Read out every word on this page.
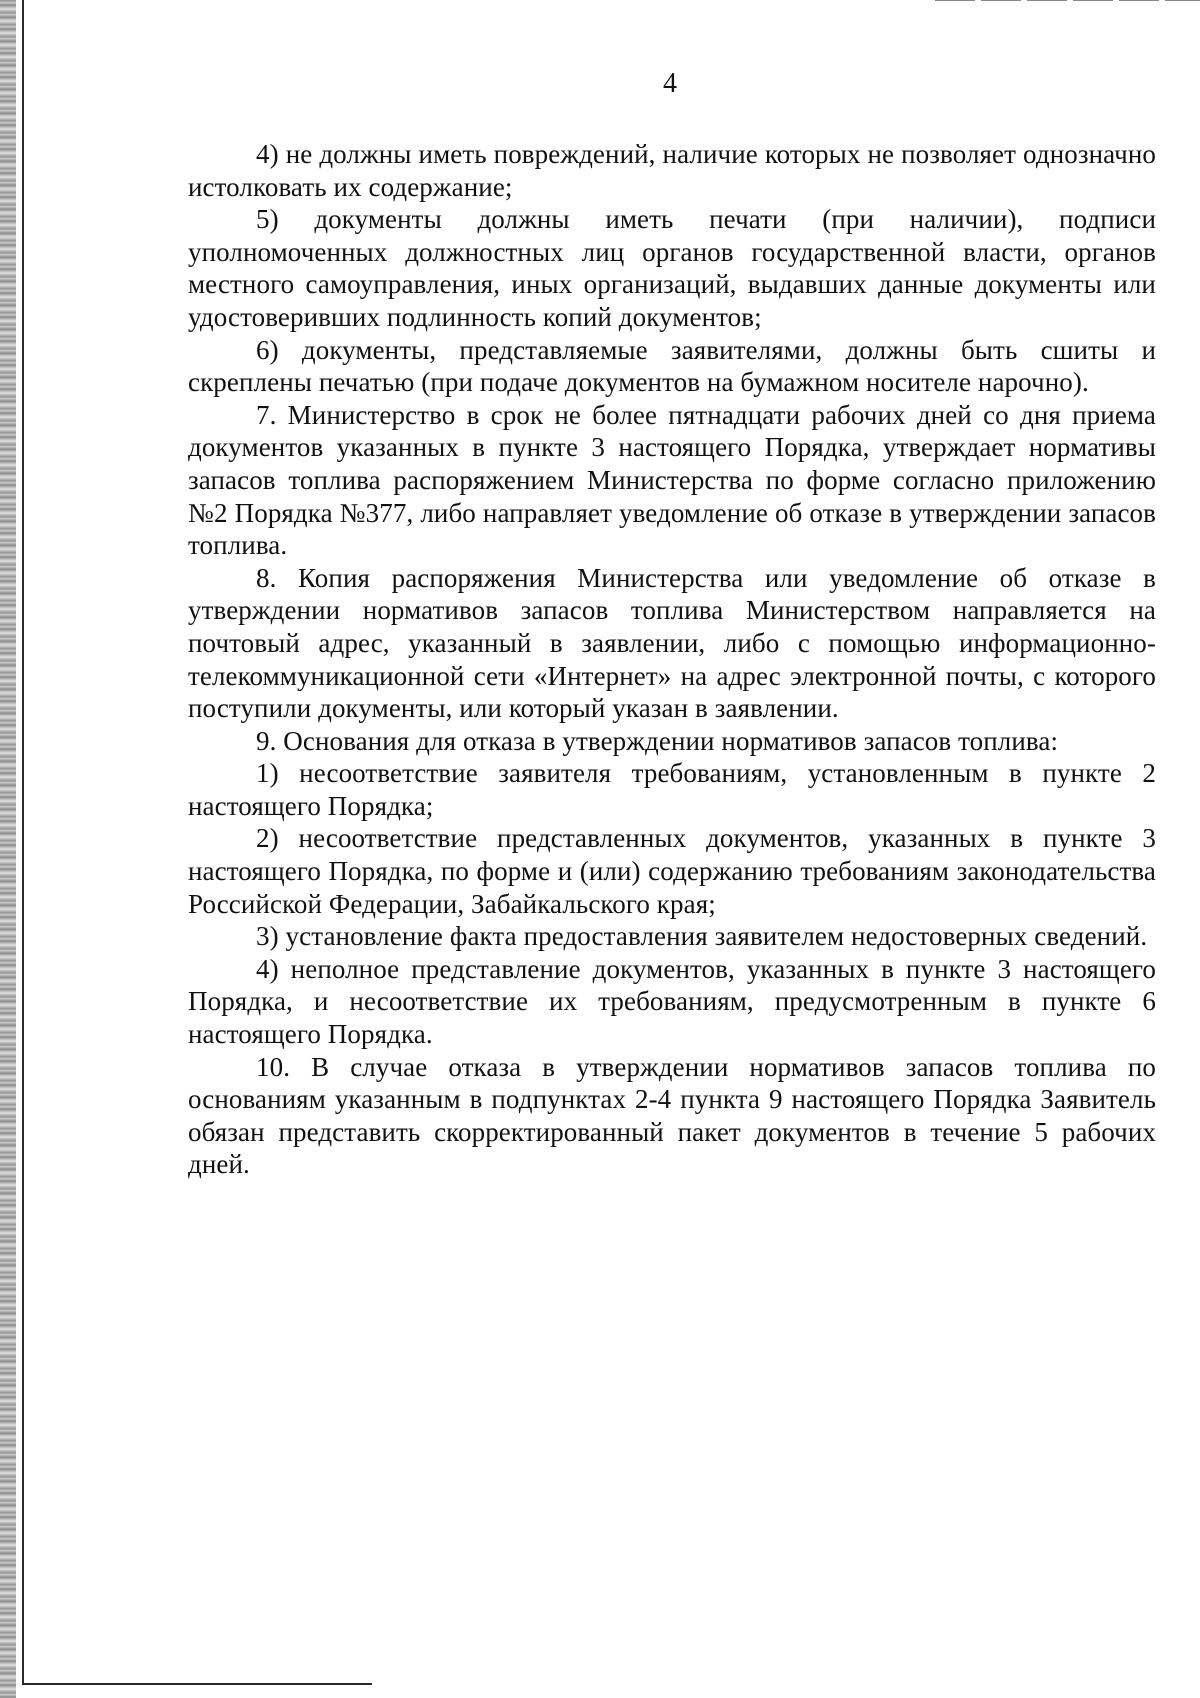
4

4) не должны иметь повреждений, наличие которых не позволяет однозначно истолковать их содержание;

5) документы должны иметь печати (при наличии), подписи уполномоченных должностных лиц органов государственной власти, органов местного самоуправления, иных организаций, выдавших данные документы или удостоверивших подлинность копий документов;

6) документы, представляемые заявителями, должны быть сшиты и скреплены печатью (при подаче документов на бумажном носителе нарочно).

7. Министерство в срок не более пятнадцати рабочих дней со дня приема документов указанных в пункте 3 настоящего Порядка, утверждает нормативы запасов топлива распоряжением Министерства по форме согласно приложению №2 Порядка №377, либо направляет уведомление об отказе в утверждении запасов топлива.

8. Копия распоряжения Министерства или уведомление об отказе в утверждении нормативов запасов топлива Министерством направляется на почтовый адрес, указанный в заявлении, либо с помощью информационно-телекоммуникационной сети «Интернет» на адрес электронной почты, с которого поступили документы, или который указан в заявлении.

9. Основания для отказа в утверждении нормативов запасов топлива:

1) несоответствие заявителя требованиям, установленным в пункте 2 настоящего Порядка;

2) несоответствие представленных документов, указанных в пункте 3 настоящего Порядка, по форме и (или) содержанию требованиям законодательства Российской Федерации, Забайкальского края;

3) установление факта предоставления заявителем недостоверных сведений.

4) неполное представление документов, указанных в пункте 3 настоящего Порядка, и несоответствие их требованиям, предусмотренным в пункте 6 настоящего Порядка.

10. В случае отказа в утверждении нормативов запасов топлива по основаниям указанным в подпунктах 2-4 пункта 9 настоящего Порядка Заявитель обязан представить скорректированный пакет документов в течение 5 рабочих дней.
